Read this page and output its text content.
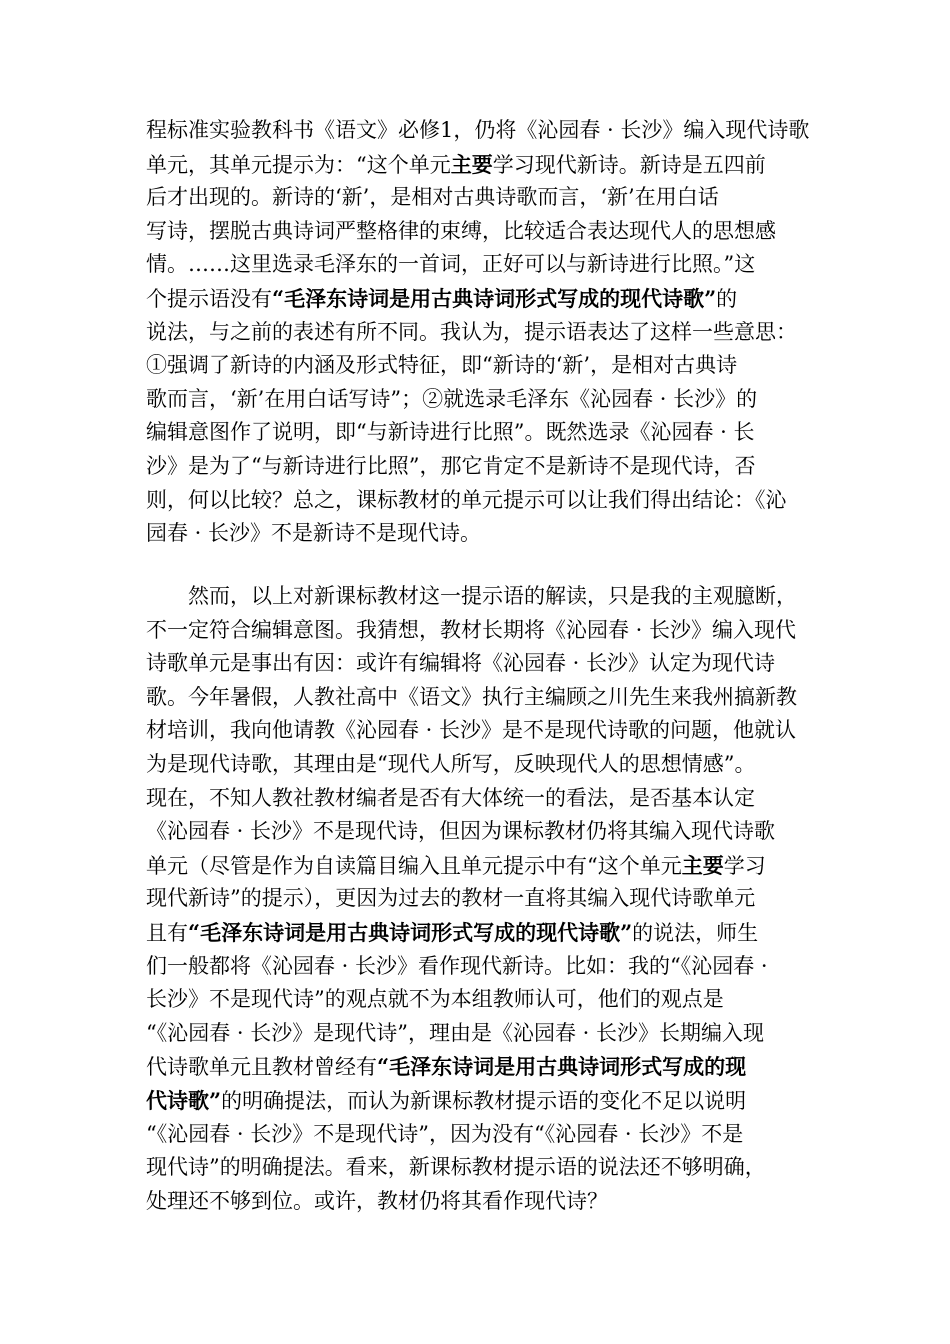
程标准实验教科书《语文》必修1，仍将《沁园春 · 长沙》编入现代诗歌
单元，其单元提示为：“这个单元主要学习现代新诗。新诗是五四前
后才出现的。新诗的‘新’，是相对古典诗歌而言，‘新’在用白话
写诗，摆脱古典诗词严整格律的束缚，比较适合表达现代人的思想感
情。……这里选录毛泽东的一首词，正好可以与新诗进行比照。”这
个提示语没有“毛泽东诗词是用古典诗词形式写成的现代诗歌”的
说法，与之前的表述有所不同。我认为，提示语表达了这样一些意思：
①强调了新诗的内涵及形式特征，即“新诗的‘新’，是相对古典诗
歌而言，‘新’在用白话写诗”；②就选录毛泽东《沁园春 · 长沙》的
编辑意图作了说明，即“与新诗进行比照”。既然选录《沁园春 · 长
沙》是为了“与新诗进行比照”，那它肯定不是新诗不是现代诗，否
则，何以比较？总之，课标教材的单元提示可以让我们得出结论：《沁
园春 · 长沙》不是新诗不是现代诗。
然而，以上对新课标教材这一提示语的解读，只是我的主观臆断，
不一定符合编辑意图。我猜想，教材长期将《沁园春 · 长沙》编入现代
诗歌单元是事出有因：或许有编辑将《沁园春 · 长沙》认定为现代诗
歌。今年暑假，人教社高中《语文》执行主编顾之川先生来我州搞新教
材培训，我向他请教《沁园春 · 长沙》是不是现代诗歌的问题，他就认
为是现代诗歌，其理由是“现代人所写，反映现代人的思想情感”。
现在，不知人教社教材编者是否有大体统一的看法，是否基本认定
《沁园春 · 长沙》不是现代诗，但因为课标教材仍将其编入现代诗歌
单元（尽管是作为自读篇目编入且单元提示中有“这个单元主要学习
现代新诗”的提示），更因为过去的教材一直将其编入现代诗歌单元
且有“毛泽东诗词是用古典诗词形式写成的现代诗歌”的说法，师生
们一般都将《沁园春 · 长沙》看作现代新诗。比如：我的“《沁园春 ·
长沙》不是现代诗”的观点就不为本组教师认可，他们的观点是
“《沁园春 · 长沙》是现代诗”，理由是《沁园春 · 长沙》长期编入现
代诗歌单元且教材曾经有“毛泽东诗词是用古典诗词形式写成的现
代诗歌”的明确提法，而认为新课标教材提示语的变化不足以说明
“《沁园春 · 长沙》不是现代诗”，因为没有“《沁园春 · 长沙》不是
现代诗”的明确提法。看来，新课标教材提示语的说法还不够明确，
处理还不够到位。或许，教材仍将其看作现代诗？
